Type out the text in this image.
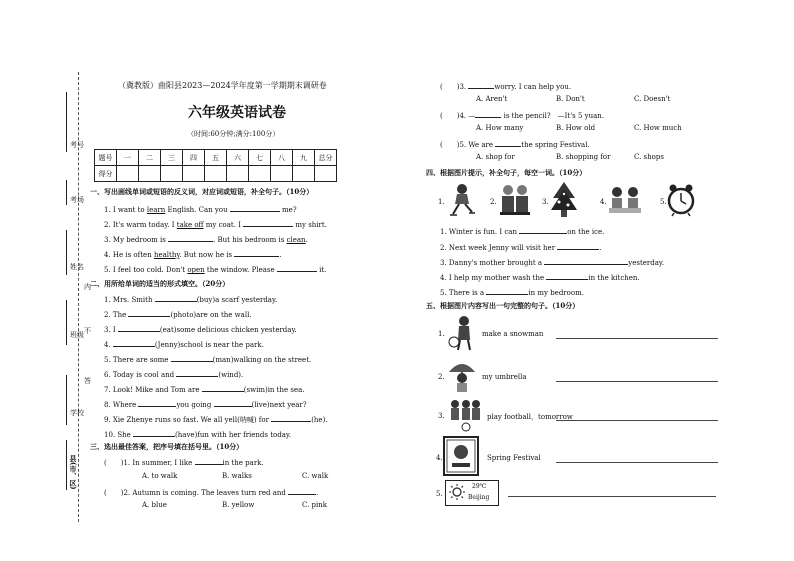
考号
考场
姓名
内
不
班级
答
学校
县(市、区)
（冀教版）曲阳县2023—2024学年度第一学期期末调研卷
六年级英语试卷
（时间:60分钟;满分:100分）
题号	一	二	三	四	五	六	七	八	九	总分
得分										
一、写出画线单词或短语的反义词，对应词或短语，补全句子。（10分）
1. I want to learn English. Can you	me?
2. It's warm today. I take off my coat. I	my shirt.
3. My bedroom is	. But his bedroom is clean.
4. He is often healthy. But now he is	.
5. I feel too cold. Don't open the window. Please	it.
二、用所给单词的适当的形式填空。（20分）
1. Mrs. Smith	(buy)a scarf yesterday.
2. The	(photo)are on the wall.
3. I	(eat)some delicious chicken yesterday.
4.	(Jenny)school is near the park.
5. There are some	(man)walking on the street.
6. Today is cool and	(wind).
7. Look! Mike and Tom are	(swim)in the sea.
8. Where	you going	(live)next year?
9. Xie Zhenye runs so fast. We all yell(呐喊) for	(he).
10. She	(have)fun with her friends today.
三、选出最佳答案，把序号填在括号里。（10分）
(　　)1. In summer, I like	in the park.
A. to walk	B. walks	C. walk
(　　)2. Autumn is coming. The leaves turn red and	.
A. blue	B. yellow	C. pink
(　　)3.	worry. I can help you.
A. Aren't	B. Don't	C. Doesn't
(　　)4. —	is the pencil?　—It's 5 yuan.
A. How many	B. How old	C. How much
(　　)5. We are	the spring Festival.
A. shop for	B. shopping for	C. shops
四、根据图片提示，补全句子，每空一词。（10分）
1.	2.	3.	4.	5.
1. Winter is fun. I can	on the ice.
2. Next week Jenny will visit her	.
3. Danny's mother brought a	yesterday.
4. I help my mother wash the	in the kitchen.
5. There is a	in my bedroom.
五、根据图片内容写出一句完整的句子。（10分）
1.	make a snowman
2.	my umbrella
3.	play football，tomorrow
4.	Spring Festival
5.
29℃
Beijing
